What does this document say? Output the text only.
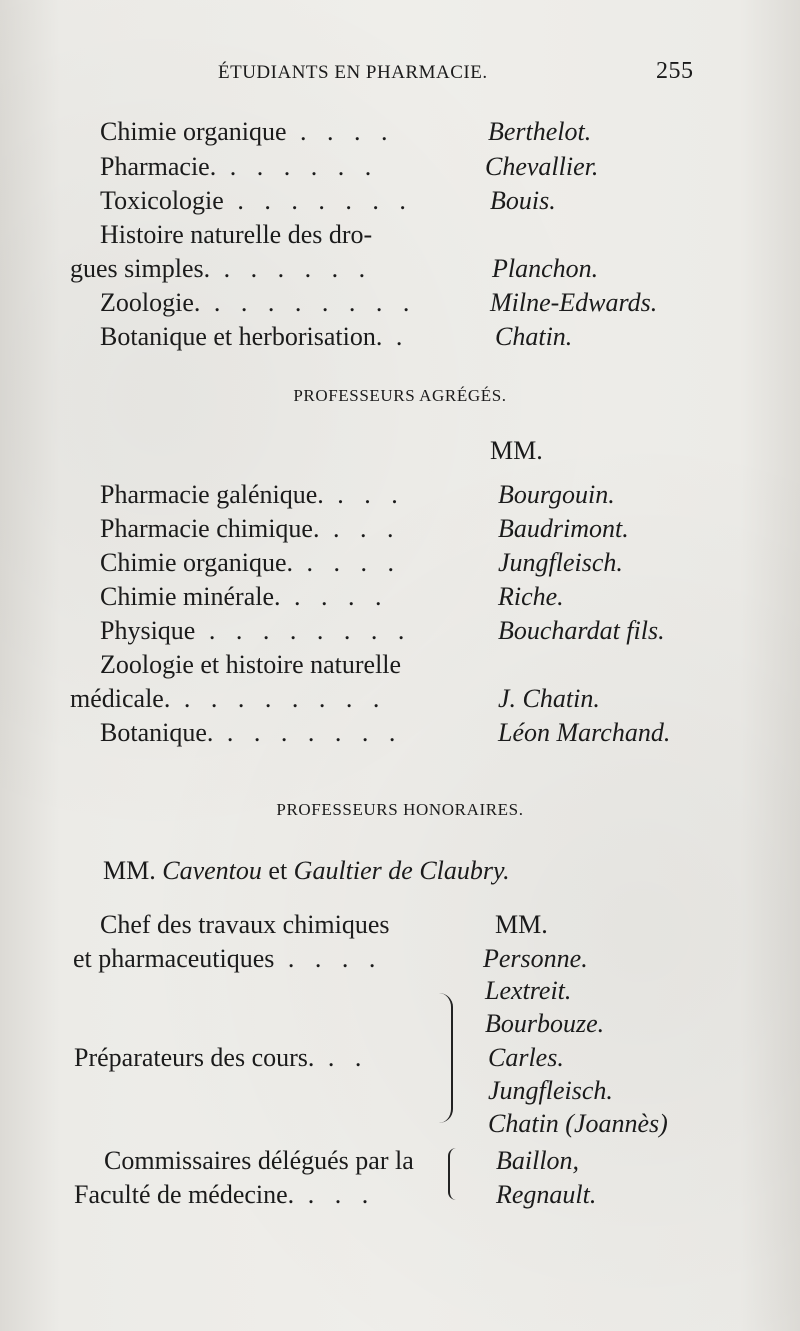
ÉTUDIANTS EN PHARMACIE.	255
Chimie organique . . . .	Berthelot.
Pharmacie. . . . . . .	Chevallier.
Toxicologie . . . . . . .	Bouis.
Histoire naturelle des dro-
gues simples. . . . . . .	Planchon.
Zoologie. . . . . . . . .	Milne-Edwards.
Botanique et herborisation. .	Chatin.
PROFESSEURS AGRÉGÉS.
MM.
Pharmacie galénique. . . .	Bourgouin.
Pharmacie chimique. . . .	Baudrimont.
Chimie organique. . . . .	Jungfleisch.
Chimie minérale. . . . .	Riche.
Physique . . . . . . . .	Bouchardat fils.
Zoologie et histoire naturelle
médicale. . . . . . . . .	J. Chatin.
Botanique. . . . . . . .	Léon Marchand.
PROFESSEURS HONORAIRES.
MM. Caventou et Gaultier de Claubry.
Chef des travaux chimiques	MM.
et pharmaceutiques . . . .	Personne.
Lextreit.
Bourbouze.
Préparateurs des cours. . .	Carles.
Jungfleisch.
Chatin (Joannès)
Commissaires délégués par la	Baillon,
Faculté de médecine. . . .	Regnault.
